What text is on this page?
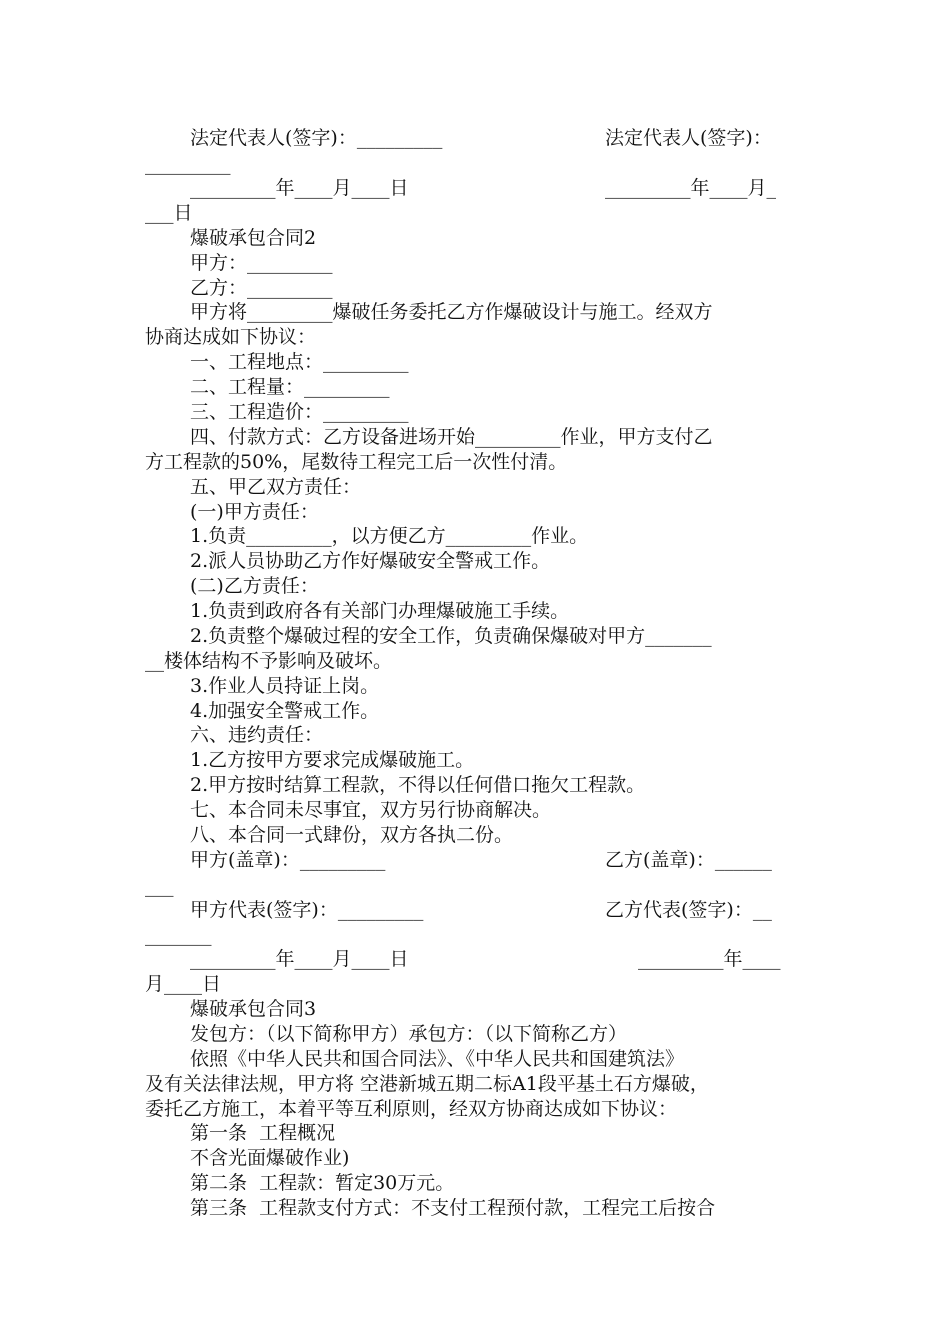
法定代表人(签字)：_________	法定代表人(签字)：

_________

_________年____月____日	_________年____月_

___日

爆破承包合同2

甲方：_________

乙方：_________

甲方将_________爆破任务委托乙方作爆破设计与施工。经双方

协商达成如下协议：

一、工程地点：_________

二、工程量：_________

三、工程造价：_________

四、付款方式：乙方设备进场开始_________作业，甲方支付乙

方工程款的50%，尾数待工程完工后一次性付清。

五、甲乙双方责任：

(一)甲方责任：

1.负责_________，以方便乙方_________作业。

2.派人员协助乙方作好爆破安全警戒工作。

(二)乙方责任：

1.负责到政府各有关部门办理爆破施工手续。

2.负责整个爆破过程的安全工作，负责确保爆破对甲方_______

__楼体结构不予影响及破坏。

3.作业人员持证上岗。

4.加强安全警戒工作。

六、违约责任：

1.乙方按甲方要求完成爆破施工。

2.甲方按时结算工程款，不得以任何借口拖欠工程款。

七、本合同未尽事宜，双方另行协商解决。

八、本合同一式肆份，双方各执二份。

甲方(盖章)：_________	乙方(盖章)：______

___

甲方代表(签字)：_________	乙方代表(签字)：__

_______

_________年____月____日	_________年____

月____日

爆破承包合同3

发包方：（以下简称甲方）承包方：（以下简称乙方）

依照《中华人民共和国合同法》、《中华人民共和国建筑法》

及有关法律法规，甲方将 空港新城五期二标A1段平基土石方爆破，

委托乙方施工，本着平等互利原则，经双方协商达成如下协议：

第一条  工程概况

不含光面爆破作业)

第二条  工程款：暂定30万元。

第三条  工程款支付方式：不支付工程预付款，工程完工后按合
